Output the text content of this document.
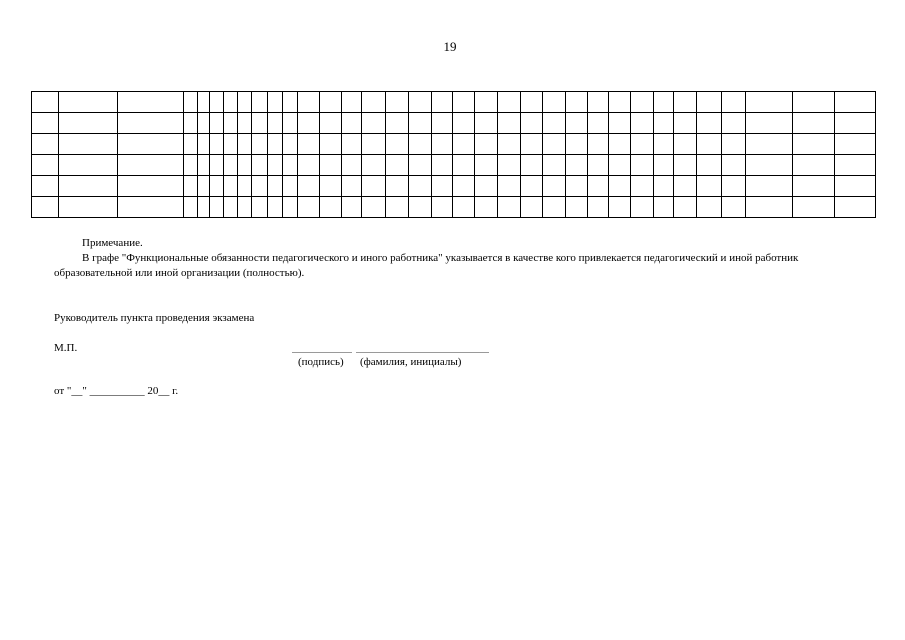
19

Примечание.
В графе "Функциональные обязанности педагогического и иного работника" указывается в качестве кого привлекается педагогический и иной работник образовательной или иной организации (полностью).
Руководитель пункта проведения экзамена
М.П.
(подпись) (фамилия, инициалы)
от "__" __________ 20__ г.
